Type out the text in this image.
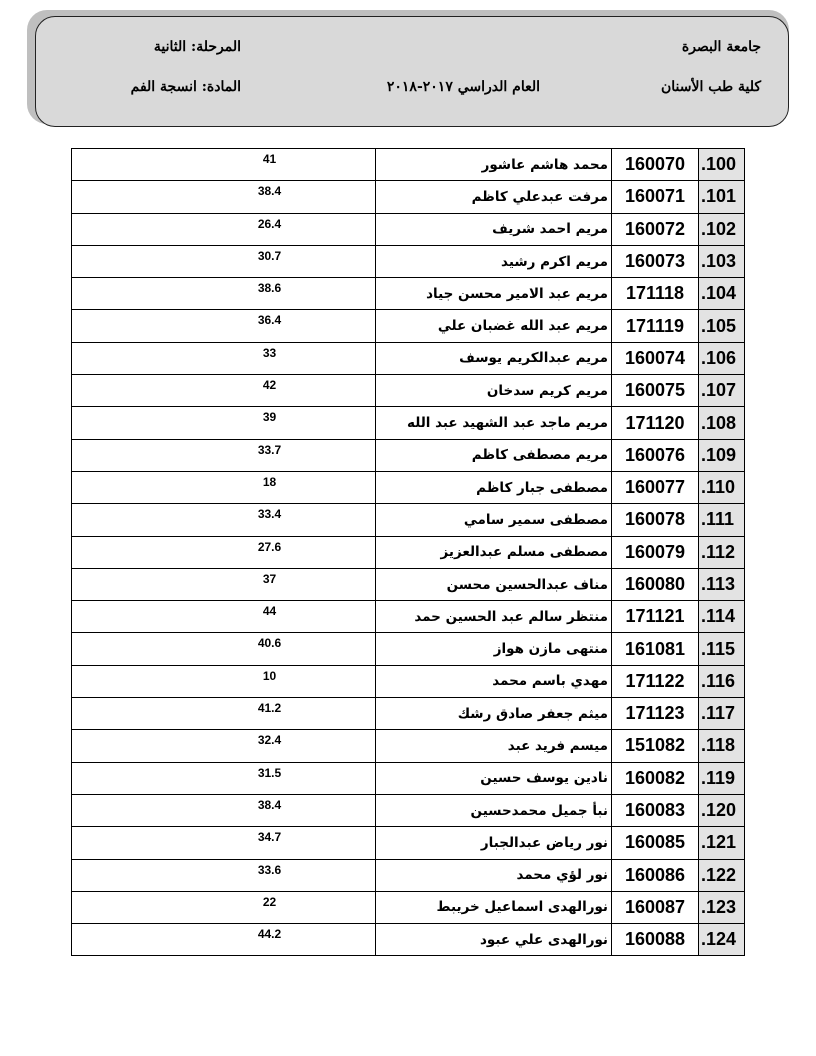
جامعة البصرة
كلية طب الأسنان
المرحلة: الثانية
المادة: انسجة الفم	العام الدراسي ٢٠١٧-٢٠١٨
100.	160070	محمد هاشم عاشور	41
101.	160071	مرفت عبدعلي كاظم	38.4
102.	160072	مريم احمد شريف	26.4
103.	160073	مريم اكرم رشيد	30.7
104.	171118	مريم عبد الامير محسن جياد	38.6
105.	171119	مريم عبد الله غضبان علي	36.4
106.	160074	مريم عبدالكريم يوسف	33
107.	160075	مريم كريم سدخان	42
108.	171120	مريم ماجد عبد الشهيد عبد الله	39
109.	160076	مريم مصطفى كاظم	33.7
110.	160077	مصطفى جبار كاظم	18
111.	160078	مصطفى سمير سامي	33.4
112.	160079	مصطفى مسلم عبدالعزيز	27.6
113.	160080	مناف عبدالحسين محسن	37
114.	171121	منتظر سالم عبد الحسين حمد	44
115.	161081	منتهى مازن هواز	40.6
116.	171122	مهدي باسم محمد	10
117.	171123	ميثم جعفر صادق رشك	41.2
118.	151082	ميسم فريد عبد	32.4
119.	160082	نادين يوسف حسين	31.5
120.	160083	نبأ جميل محمدحسين	38.4
121.	160085	نور رياض عبدالجبار	34.7
122.	160086	نور لؤي محمد	33.6
123.	160087	نورالهدى اسماعيل خريبط	22
124.	160088	نورالهدى علي عبود	44.2
